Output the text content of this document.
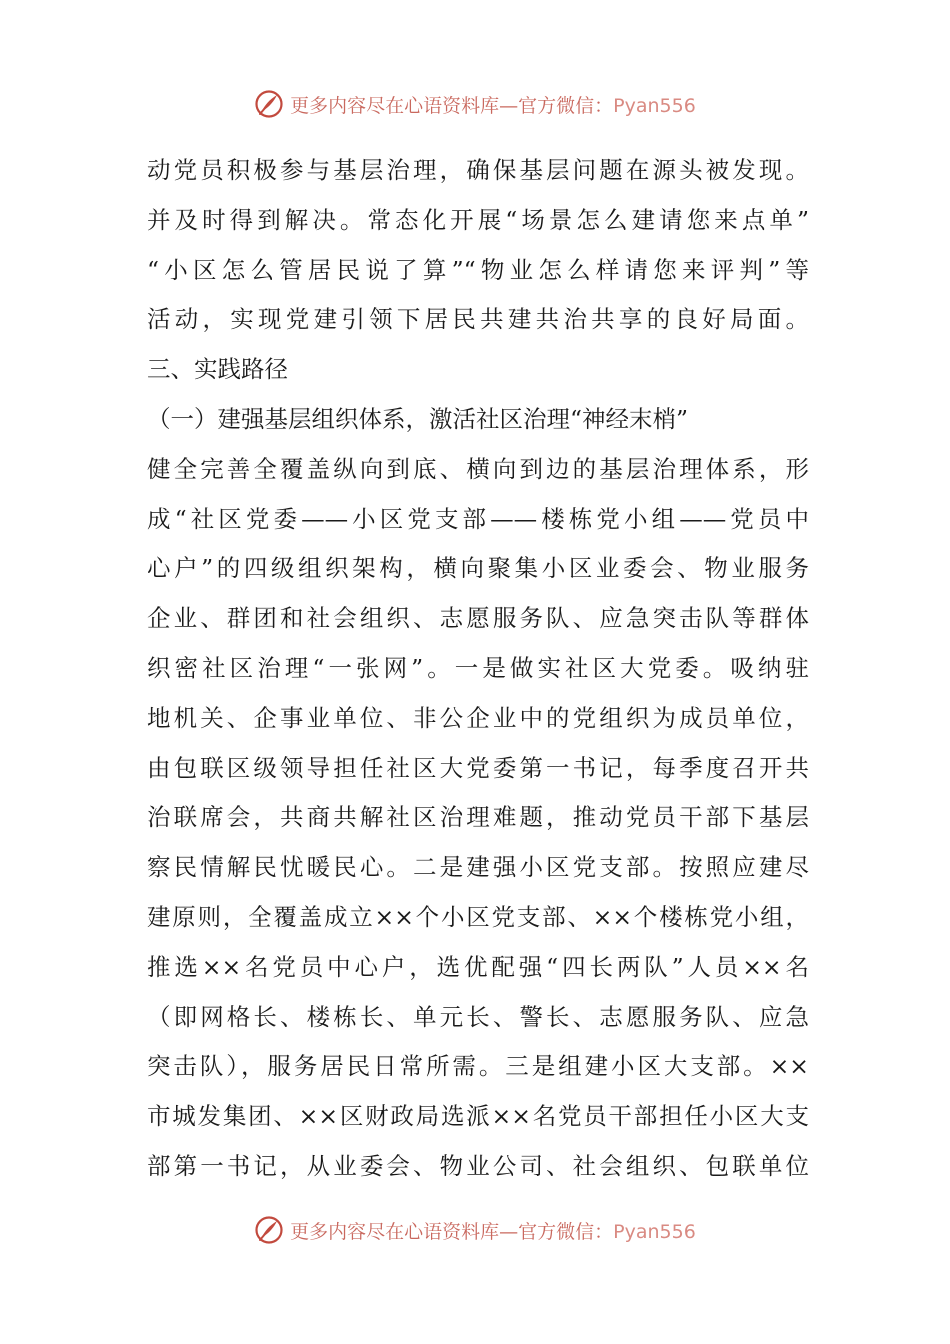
更多内容尽在心语资料库—官方微信：Pyan556
动党员积极参与基层治理，确保基层问题在源头被发现。
并及时得到解决。常态化开展“场景怎么建请您来点单”
“小区怎么管居民说了算”“物业怎么样请您来评判”等
活动，实现党建引领下居民共建共治共享的良好局面。
三、实践路径
（一）建强基层组织体系，激活社区治理“神经末梢”
健全完善全覆盖纵向到底、横向到边的基层治理体系，形
成“社区党委——小区党支部——楼栋党小组——党员中
心户”的四级组织架构，横向聚集小区业委会、物业服务
企业、群团和社会组织、志愿服务队、应急突击队等群体
织密社区治理“一张网”。一是做实社区大党委。吸纳驻
地机关、企事业单位、非公企业中的党组织为成员单位，
由包联区级领导担任社区大党委第一书记，每季度召开共
治联席会，共商共解社区治理难题，推动党员干部下基层
察民情解民忧暖民心。二是建强小区党支部。按照应建尽
建原则，全覆盖成立××个小区党支部、××个楼栋党小组，
推选××名党员中心户，选优配强“四长两队”人员××名
（即网格长、楼栋长、单元长、警长、志愿服务队、应急
突击队），服务居民日常所需。三是组建小区大支部。××
市城发集团、××区财政局选派××名党员干部担任小区大支
部第一书记，从业委会、物业公司、社会组织、包联单位
更多内容尽在心语资料库—官方微信：Pyan556
